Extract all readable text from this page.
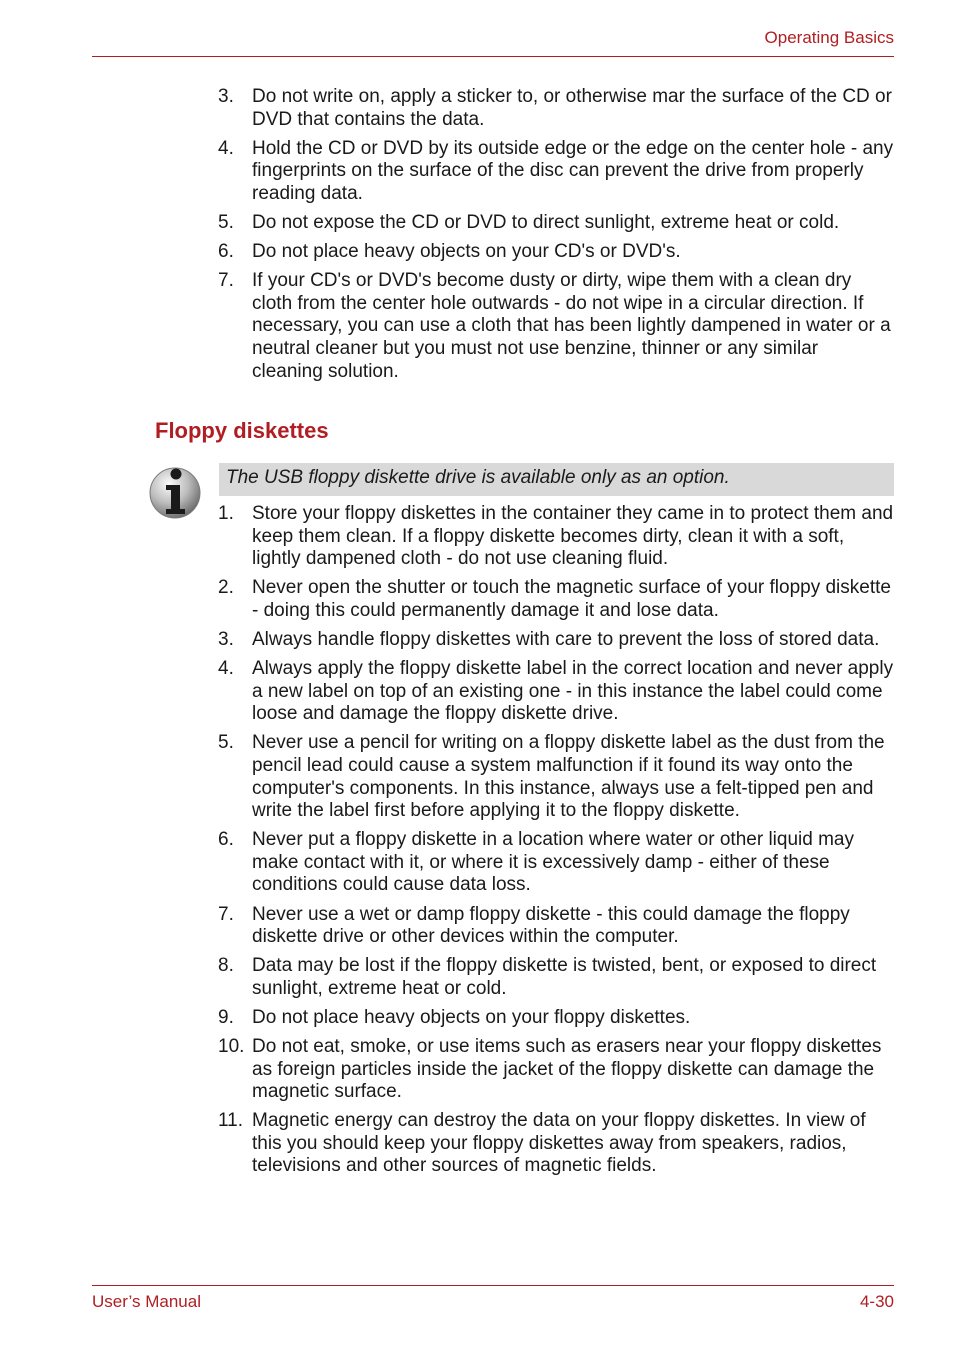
Operating Basics
3. Do not write on, apply a sticker to, or otherwise mar the surface of the CD or DVD that contains the data.
4. Hold the CD or DVD by its outside edge or the edge on the center hole - any fingerprints on the surface of the disc can prevent the drive from properly reading data.
5. Do not expose the CD or DVD to direct sunlight, extreme heat or cold.
6. Do not place heavy objects on your CD's or DVD's.
7. If your CD's or DVD's become dusty or dirty, wipe them with a clean dry cloth from the center hole outwards - do not wipe in a circular direction. If necessary, you can use a cloth that has been lightly dampened in water or a neutral cleaner but you must not use benzine, thinner or any similar cleaning solution.
Floppy diskettes
The USB floppy diskette drive is available only as an option.
1. Store your floppy diskettes in the container they came in to protect them and keep them clean. If a floppy diskette becomes dirty, clean it with a soft, lightly dampened cloth - do not use cleaning fluid.
2. Never open the shutter or touch the magnetic surface of your floppy diskette - doing this could permanently damage it and lose data.
3. Always handle floppy diskettes with care to prevent the loss of stored data.
4. Always apply the floppy diskette label in the correct location and never apply a new label on top of an existing one - in this instance the label could come loose and damage the floppy diskette drive.
5. Never use a pencil for writing on a floppy diskette label as the dust from the pencil lead could cause a system malfunction if it found its way onto the computer's components. In this instance, always use a felt-tipped pen and write the label first before applying it to the floppy diskette.
6. Never put a floppy diskette in a location where water or other liquid may make contact with it, or where it is excessively damp - either of these conditions could cause data loss.
7. Never use a wet or damp floppy diskette - this could damage the floppy diskette drive or other devices within the computer.
8. Data may be lost if the floppy diskette is twisted, bent, or exposed to direct sunlight, extreme heat or cold.
9. Do not place heavy objects on your floppy diskettes.
10. Do not eat, smoke, or use items such as erasers near your floppy diskettes as foreign particles inside the jacket of the floppy diskette can damage the magnetic surface.
11. Magnetic energy can destroy the data on your floppy diskettes. In view of this you should keep your floppy diskettes away from speakers, radios, televisions and other sources of magnetic fields.
User’s Manual	4-30
